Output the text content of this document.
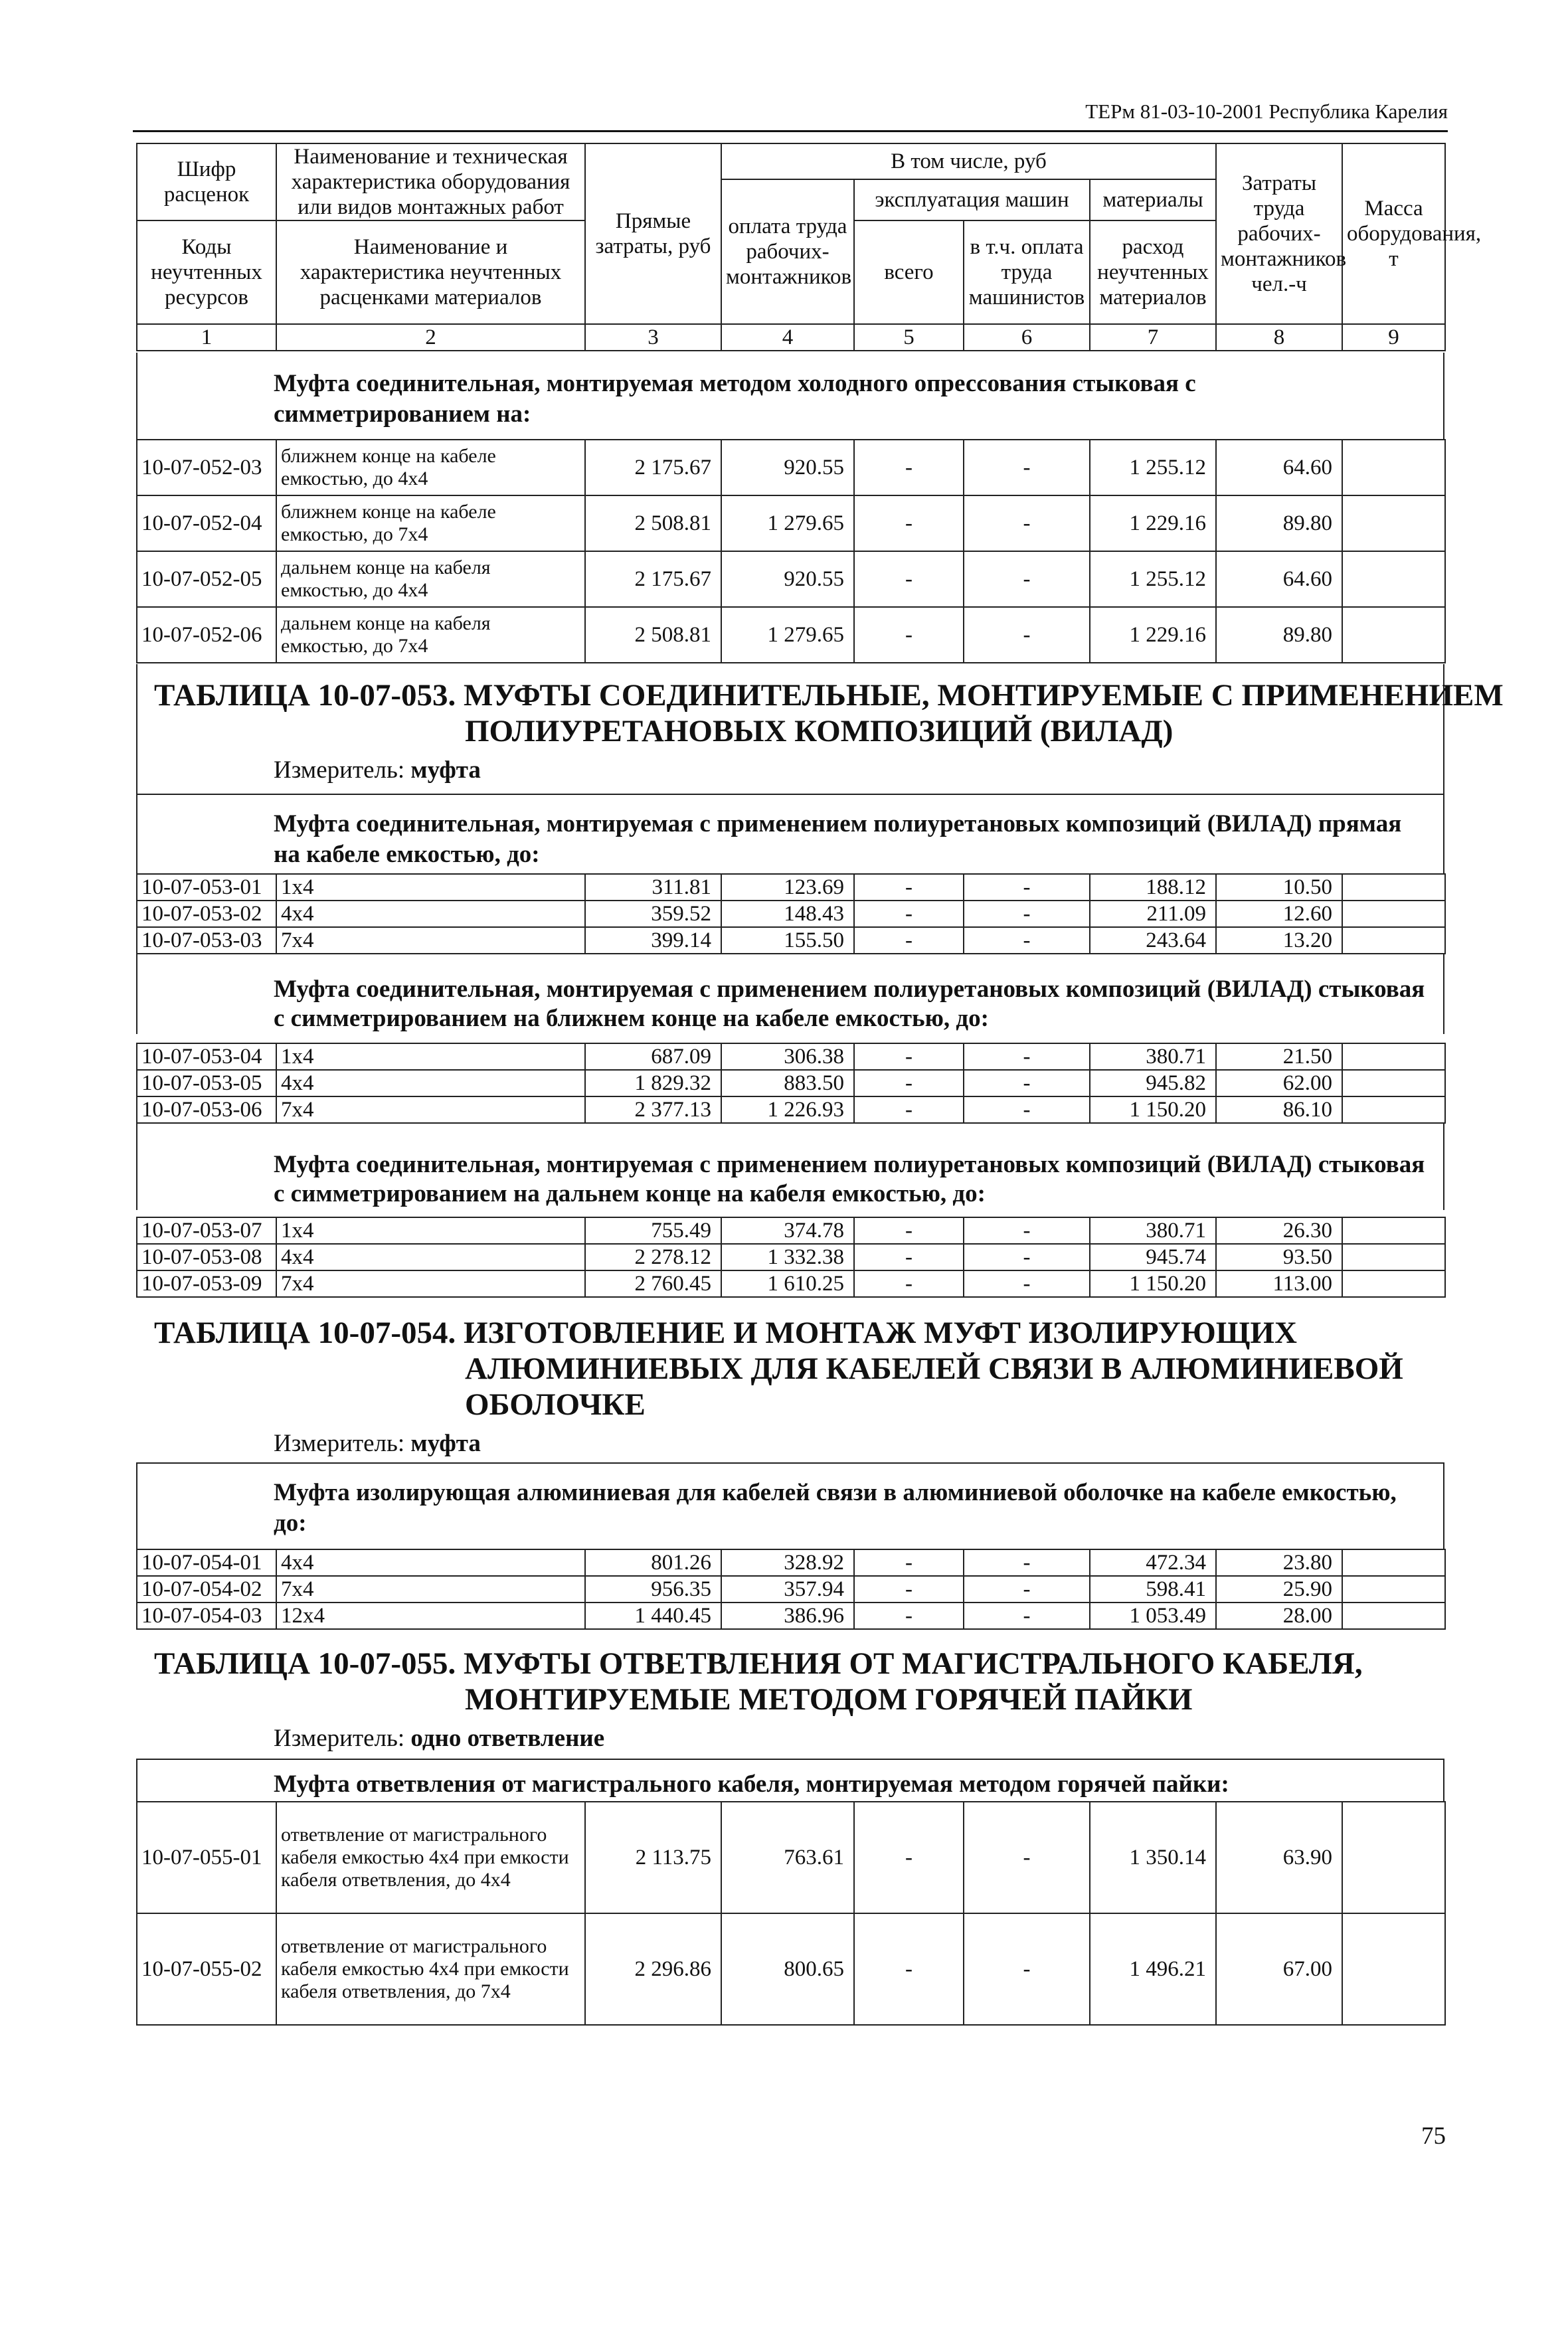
ТЕРм 81-03-10-2001 Республика Карелия
Шифр расценок	Наименование и техническая характеристика оборудования или видов монтажных работ	Прямые затраты, руб	В том числе, руб				Затраты труда рабочих-монтажников чел.-ч	Масса оборудования, т
			оплата труда рабочих-монтажников	эксплуатация машин		материалы		
Коды неучтенных ресурсов	Наименование и характеристика неучтенных расценками материалов			всего	в т.ч. оплата труда машинистов	расход неучтенных материалов		

1	2	3	4	5	6	7	8	9
Муфта соединительная, монтируемая методом холодного опрессования стыковая с симметрированием на:
10-07-052-03	ближнем конце на кабеле емкостью, до 4x4	2 175.67	920.55	-	-	1 255.12	64.60	
10-07-052-04	ближнем конце на кабеле емкостью, до 7x4	2 508.81	1 279.65	-	-	1 229.16	89.80	
10-07-052-05	дальнем конце на кабеля емкостью, до 4x4	2 175.67	920.55	-	-	1 255.12	64.60	
10-07-052-06	дальнем конце на кабеля емкостью, до 7x4	2 508.81	1 279.65	-	-	1 229.16	89.80	
ТАБЛИЦА 10-07-053. МУФТЫ СОЕДИНИТЕЛЬНЫЕ, МОНТИРУЕМЫЕ С ПРИМЕНЕНИЕМ
ПОЛИУРЕТАНОВЫХ КОМПОЗИЦИЙ (ВИЛАД)
Измеритель: муфта
Муфта соединительная, монтируемая с применением полиуретановых композиций (ВИЛАД) прямая на кабеле емкостью, до:
10-07-053-01	1x4	311.81	123.69	-	-	188.12	10.50	
10-07-053-02	4x4	359.52	148.43	-	-	211.09	12.60	
10-07-053-03	7x4	399.14	155.50	-	-	243.64	13.20	
Муфта соединительная, монтируемая с применением полиуретановых композиций (ВИЛАД) стыковая с симметрированием на ближнем конце на кабеле емкостью, до:
10-07-053-04	1x4	687.09	306.38	-	-	380.71	21.50	
10-07-053-05	4x4	1 829.32	883.50	-	-	945.82	62.00	
10-07-053-06	7x4	2 377.13	1 226.93	-	-	1 150.20	86.10	
Муфта соединительная, монтируемая с применением полиуретановых композиций (ВИЛАД) стыковая с симметрированием на дальнем конце на кабеля емкостью, до:
10-07-053-07	1x4	755.49	374.78	-	-	380.71	26.30	
10-07-053-08	4x4	2 278.12	1 332.38	-	-	945.74	93.50	
10-07-053-09	7x4	2 760.45	1 610.25	-	-	1 150.20	113.00	
ТАБЛИЦА 10-07-054. ИЗГОТОВЛЕНИЕ И МОНТАЖ МУФТ ИЗОЛИРУЮЩИХ
АЛЮМИНИЕВЫХ ДЛЯ КАБЕЛЕЙ СВЯЗИ В АЛЮМИНИЕВОЙ
ОБОЛОЧКЕ
Измеритель: муфта
Муфта изолирующая алюминиевая для кабелей связи в алюминиевой оболочке на кабеле емкостью, до:
10-07-054-01	4x4	801.26	328.92	-	-	472.34	23.80	
10-07-054-02	7x4	956.35	357.94	-	-	598.41	25.90	
10-07-054-03	12x4	1 440.45	386.96	-	-	1 053.49	28.00	
ТАБЛИЦА 10-07-055. МУФТЫ ОТВЕТВЛЕНИЯ ОТ МАГИСТРАЛЬНОГО КАБЕЛЯ,
МОНТИРУЕМЫЕ МЕТОДОМ ГОРЯЧЕЙ ПАЙКИ
Измеритель: одно ответвление
Муфта ответвления от магистрального кабеля, монтируемая методом горячей пайки:
10-07-055-01	ответвление от магистрального кабеля емкостью 4x4 при емкости кабеля ответвления, до 4x4	2 113.75	763.61	-	-	1 350.14	63.90	
10-07-055-02	ответвление от магистрального кабеля емкостью 4x4 при емкости кабеля ответвления, до 7x4	2 296.86	800.65	-	-	1 496.21	67.00	
75
